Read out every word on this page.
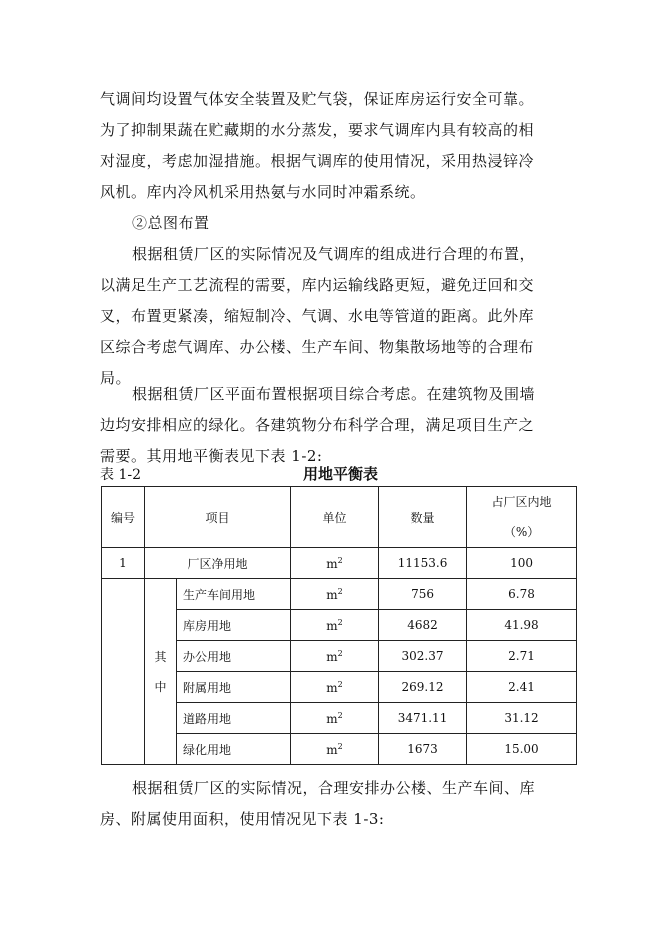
气调间均设置气体安全装置及贮气袋，保证库房运行安全可靠。
为了抑制果蔬在贮藏期的水分蒸发，要求气调库内具有较高的相
对湿度，考虑加湿措施。根据气调库的使用情况，采用热浸锌冷
风机。库内冷风机采用热氨与水同时冲霜系统。

②总图布置

根据租赁厂区的实际情况及气调库的组成进行合理的布置，
以满足生产工艺流程的需要，库内运输线路更短，避免迂回和交
叉，布置更紧凑，缩短制冷、气调、水电等管道的距离。此外库
区综合考虑气调库、办公楼、生产车间、物集散场地等的合理布
局。

根据租赁厂区平面布置根据项目综合考虑。在建筑物及围墙
边均安排相应的绿化。各建筑物分布科学合理，满足项目生产之
需要。其用地平衡表见下表 1-2:

表 1-2	用地平衡表
编号	项目		单位	数量	占厂区内地
（%）

1	厂区净用地		$m^2$	11153.6	100

	其
中	生产车间用地	$m^2$	756	6.78
		库房用地	$m^2$	4682	41.98
		办公用地	$m^2$	302.37	2.71
		附属用地	$m^2$	269.12	2.41
		道路用地	$m^2$	3471.11	31.12
		绿化用地	$m^2$	1673	15.00

根据租赁厂区的实际情况，合理安排办公楼、生产车间、库
房、附属使用面积，使用情况见下表 1-3:
